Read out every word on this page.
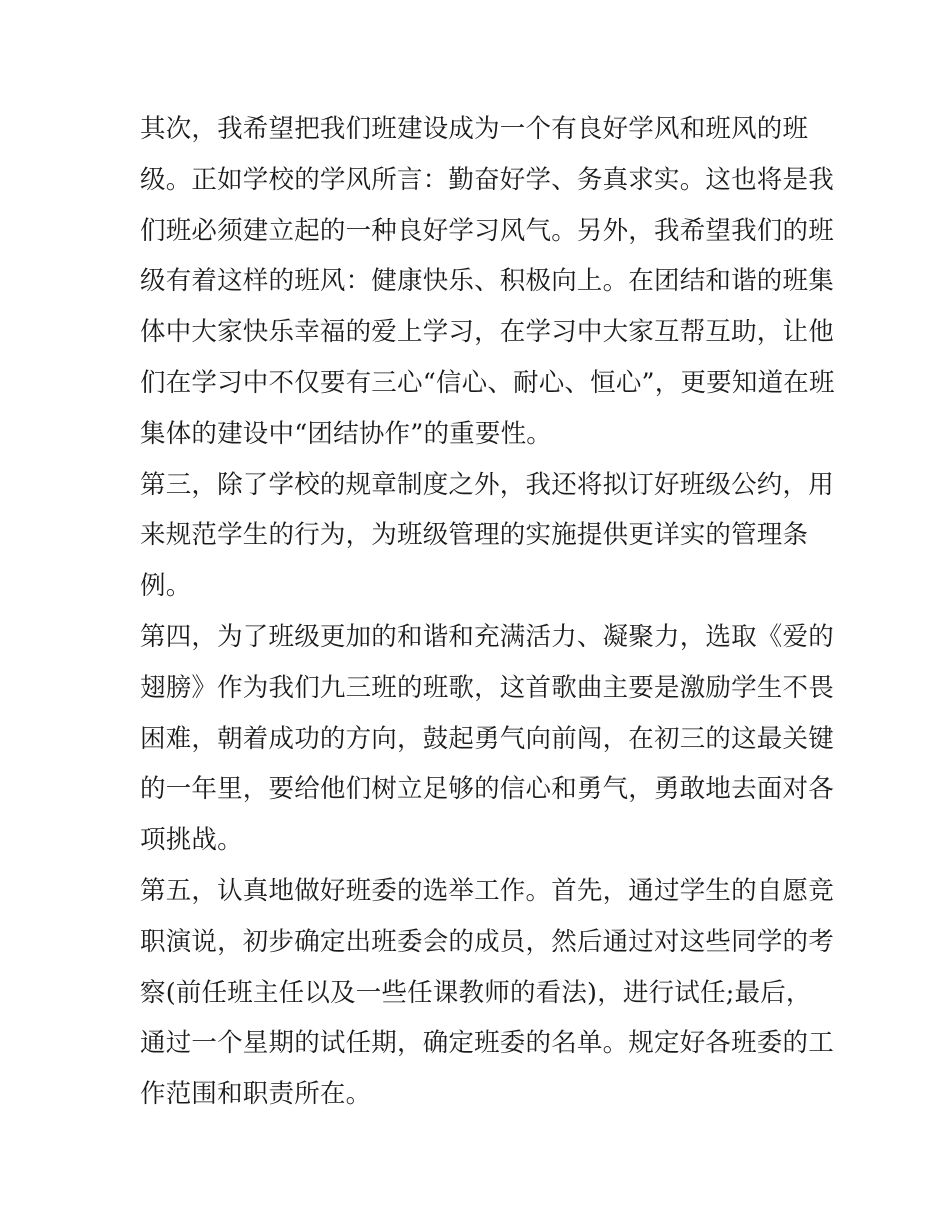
其次，我希望把我们班建设成为一个有良好学风和班风的班
级。正如学校的学风所言：勤奋好学、务真求实。这也将是我
们班必须建立起的一种良好学习风气。另外，我希望我们的班
级有着这样的班风：健康快乐、积极向上。在团结和谐的班集
体中大家快乐幸福的爱上学习，在学习中大家互帮互助，让他
们在学习中不仅要有三心“信心、耐心、恒心”，更要知道在班
集体的建设中“团结协作”的重要性。
第三，除了学校的规章制度之外，我还将拟订好班级公约，用
来规范学生的行为，为班级管理的实施提供更详实的管理条
例。
第四，为了班级更加的和谐和充满活力、凝聚力，选取《爱的
翅膀》作为我们九三班的班歌，这首歌曲主要是激励学生不畏
困难，朝着成功的方向，鼓起勇气向前闯，在初三的这最关键
的一年里，要给他们树立足够的信心和勇气，勇敢地去面对各
项挑战。
第五，认真地做好班委的选举工作。首先，通过学生的自愿竞
职演说，初步确定出班委会的成员，然后通过对这些同学的考
察(前任班主任以及一些任课教师的看法)，进行试任;最后，
通过一个星期的试任期，确定班委的名单。规定好各班委的工
作范围和职责所在。
